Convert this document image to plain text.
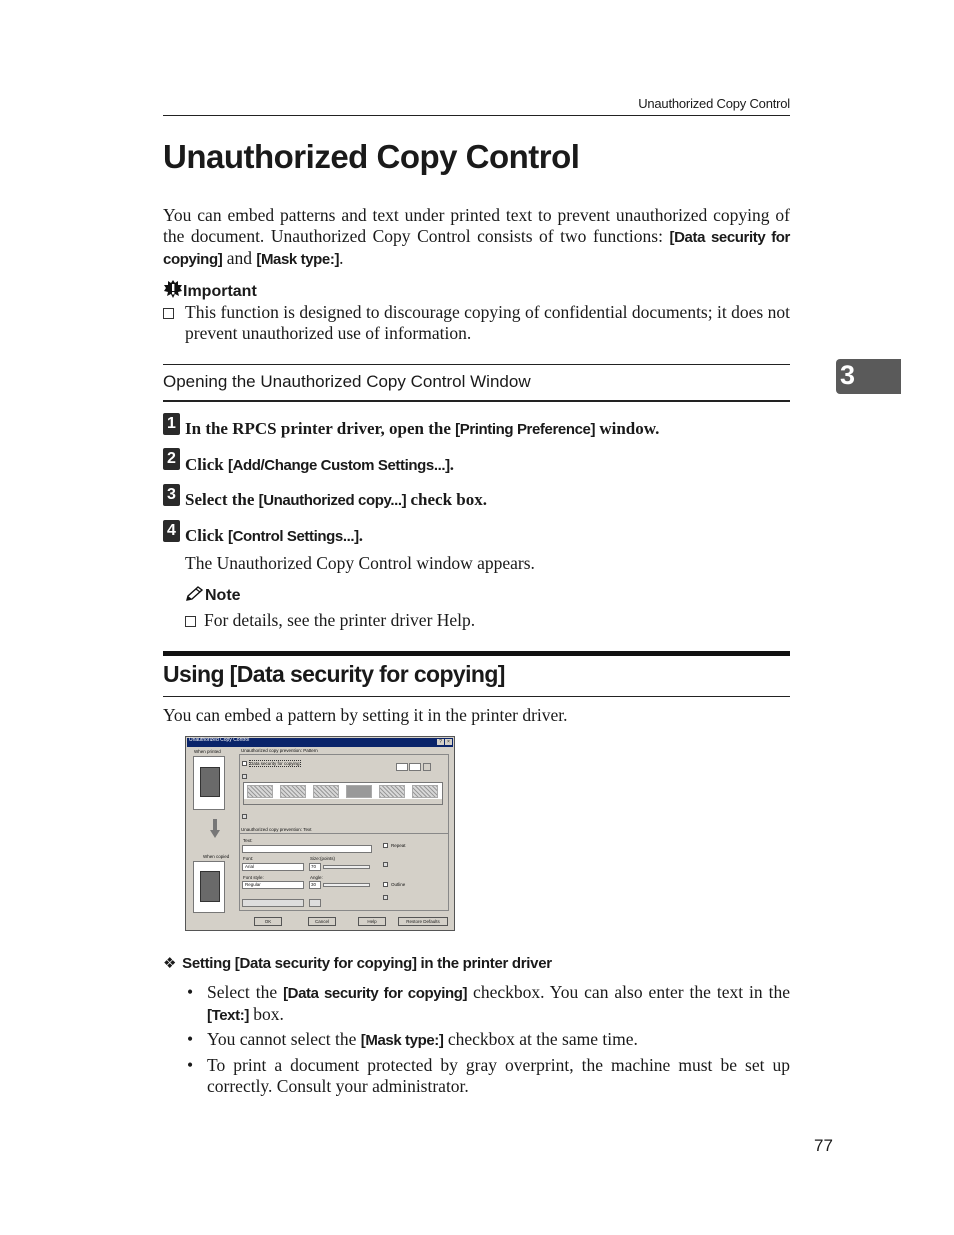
Unauthorized Copy Control
Unauthorized Copy Control
You can embed patterns and text under printed text to prevent unauthorized copying of the document. Unauthorized Copy Control consists of two functions: [Data security for copying] and [Mask type:].
Important
This function is designed to discourage copying of confidential documents; it does not prevent unauthorized use of information.
Opening the Unauthorized Copy Control Window	3
1 In the RPCS printer driver, open the [Printing Preference] window.
2 Click [Add/Change Custom Settings...].
3 Select the [Unauthorized copy...] check box.
4 Click [Control Settings...].
The Unauthorized Copy Control window appears.
Note
For details, see the printer driver Help.
Using [Data security for copying]
You can embed a pattern by setting it in the printer driver.
Unauthorized Copy Control	?	×
When printed
When copied
Unauthorized copy prevention: Pattern
Data security for copying
Unauthorized copy prevention: Text
Text:
Repeat
Font:
Arial
Size:(points)
70
Font style:
Regular
Angle:
30	Outline
OK	Cancel	Help	Restore Defaults
❖ Setting [Data security for copying] in the printer driver
• Select the [Data security for copying] checkbox. You can also enter the text in the [Text:] box.
• You cannot select the [Mask type:] checkbox at the same time.
• To print a document protected by gray overprint, the machine must be set up correctly. Consult your administrator.
77
